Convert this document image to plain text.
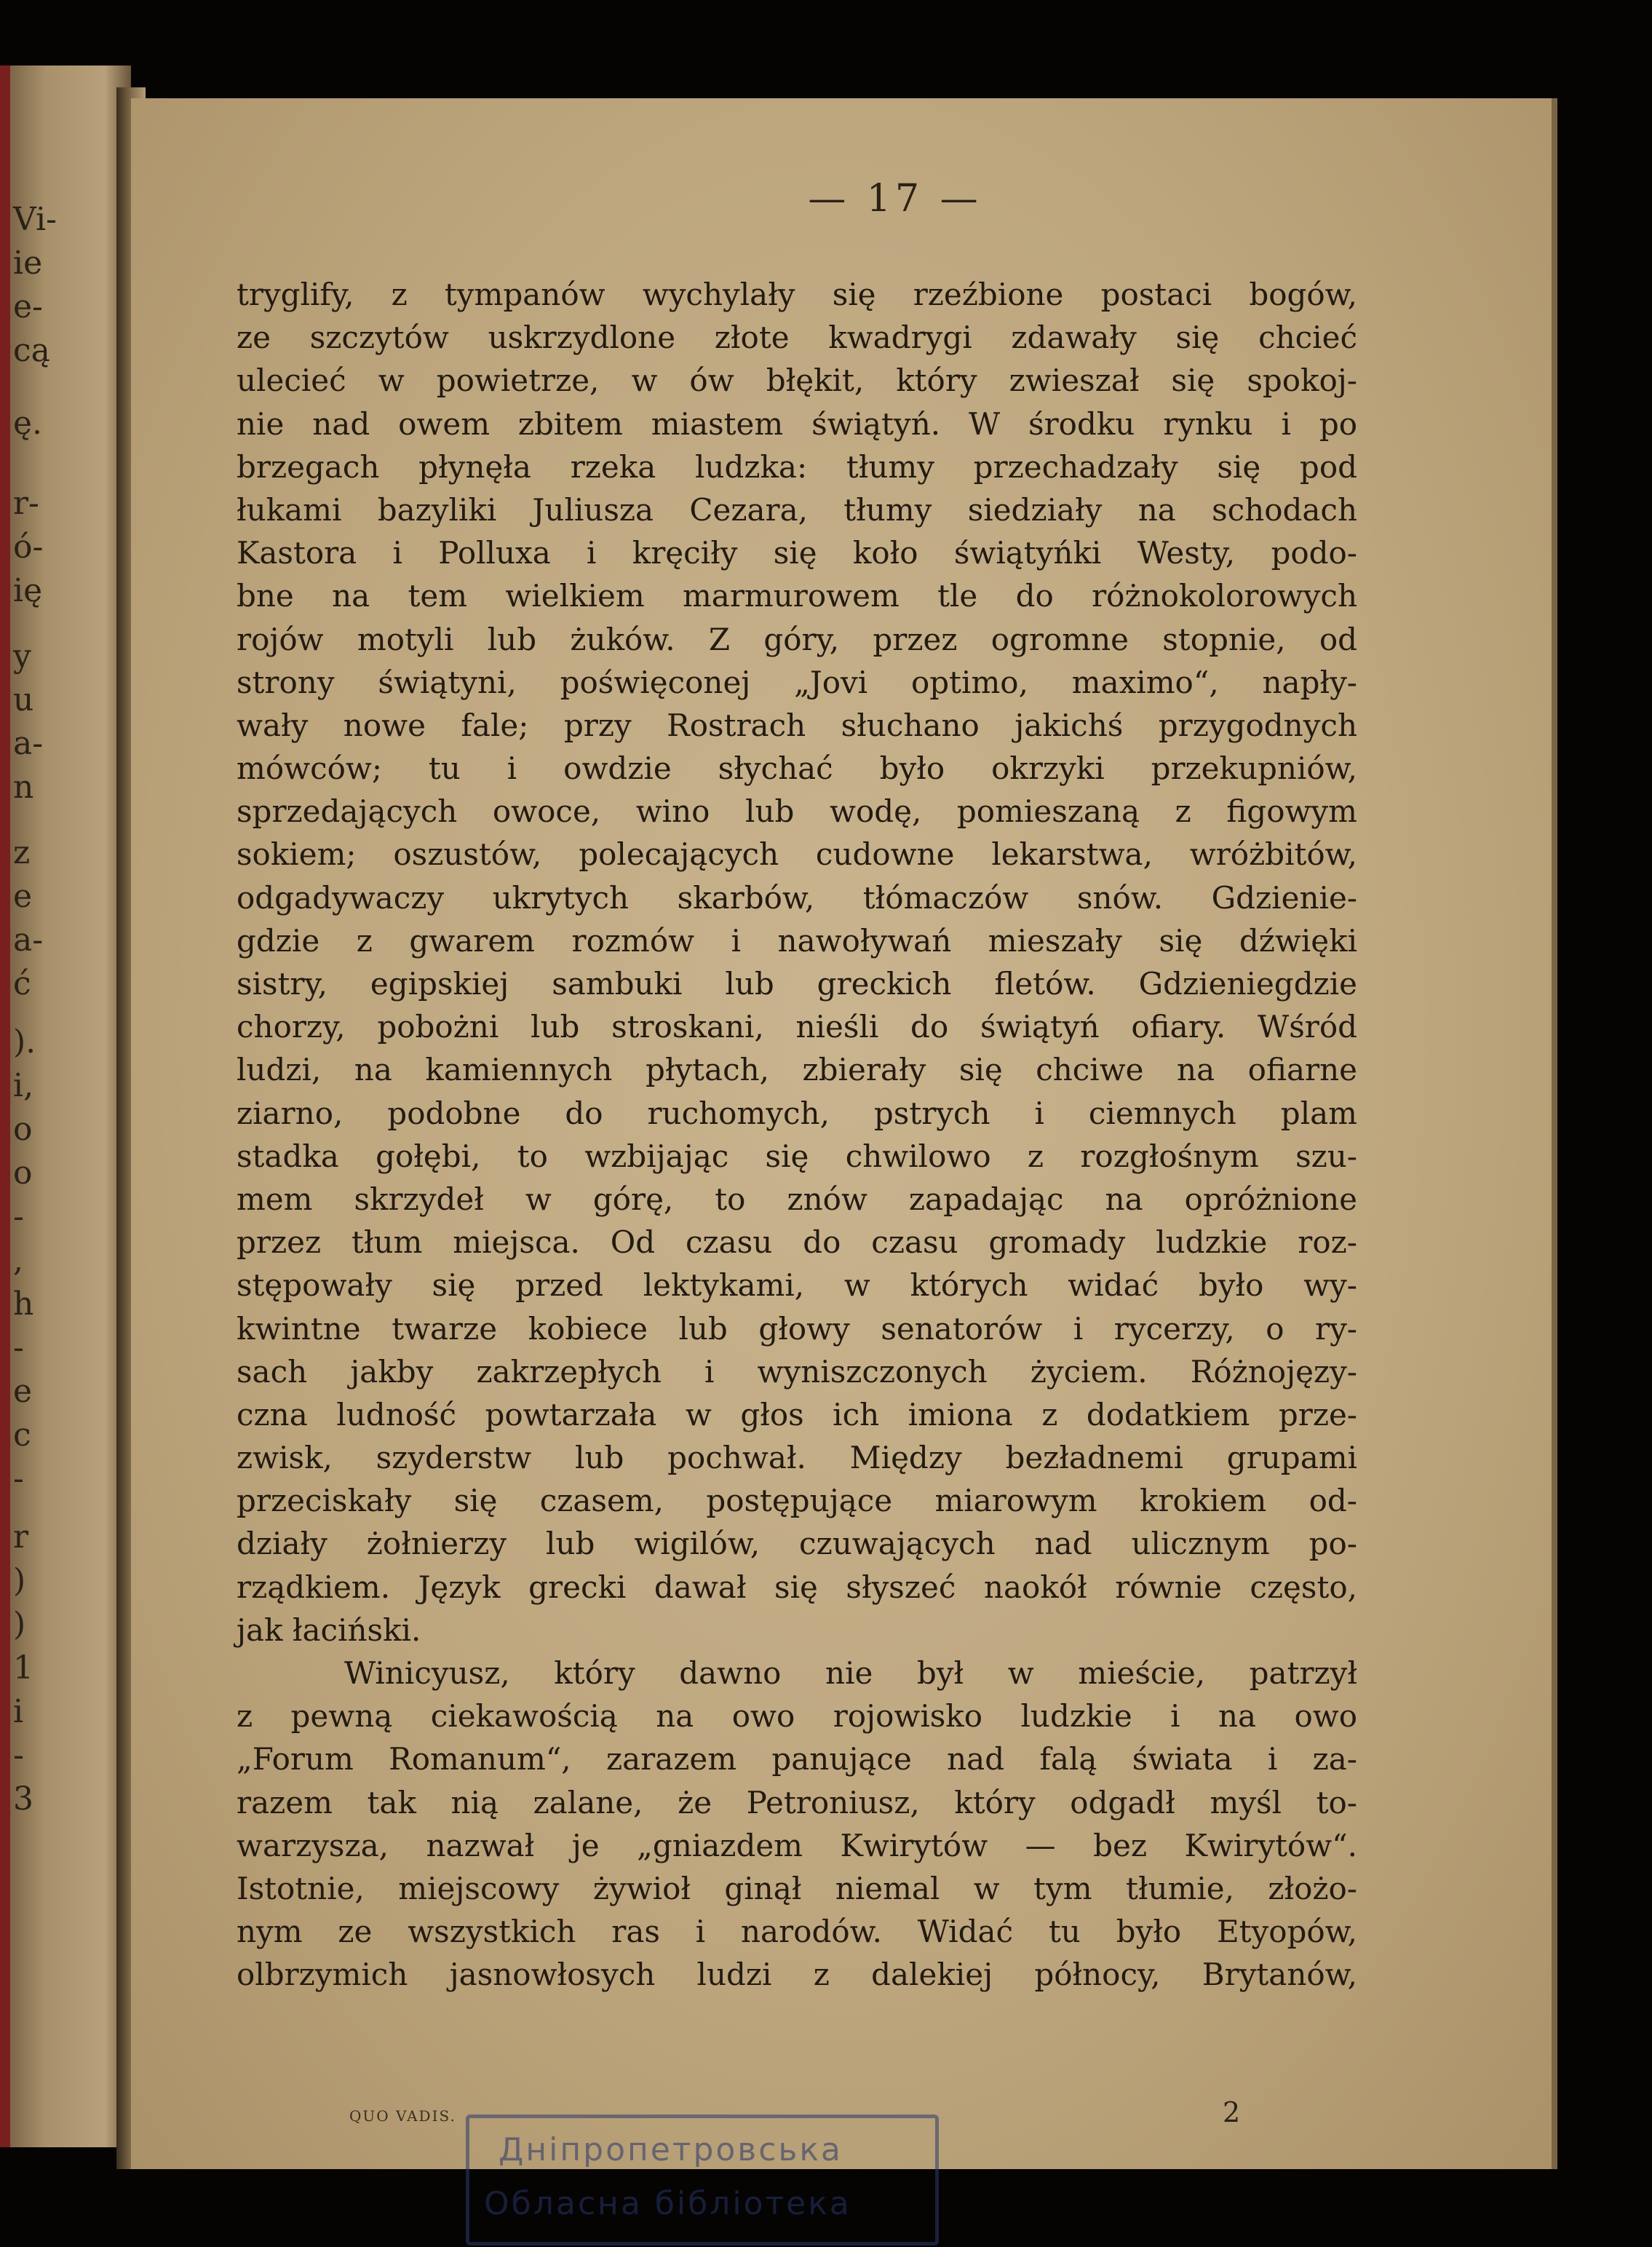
Vi-
ie
e-
cą
ę.
r-
ó-
ię
y
u
a-
n
z
e
a-
ć
).
i,
o
o
-
,
h
-
e
c
-
r
)
)
1
i
-
3
— 17 —
tryglify, z tympanów wychylały się rzeźbione postaci bogów,
ze szczytów uskrzydlone złote kwadrygi zdawały się chcieć
ulecieć w powietrze, w ów błękit, który zwieszał się spokoj-
nie nad owem zbitem miastem świątyń. W środku rynku i po
brzegach płynęła rzeka ludzka: tłumy przechadzały się pod
łukami bazyliki Juliusza Cezara, tłumy siedziały na schodach
Kastora i Polluxa i kręciły się koło świątyńki Westy, podo-
bne na tem wielkiem marmurowem tle do różnokolorowych
rojów motyli lub żuków. Z góry, przez ogromne stopnie, od
strony świątyni, poświęconej „Jovi optimo, maximo“, napły-
wały nowe fale; przy Rostrach słuchano jakichś przygodnych
mówców; tu i owdzie słychać było okrzyki przekupniów,
sprzedających owoce, wino lub wodę, pomieszaną z figowym
sokiem; oszustów, polecających cudowne lekarstwa, wróżbitów,
odgadywaczy ukrytych skarbów, tłómaczów snów. Gdzienie-
gdzie z gwarem rozmów i nawoływań mieszały się dźwięki
sistry, egipskiej sambuki lub greckich fletów. Gdzieniegdzie
chorzy, pobożni lub stroskani, nieśli do świątyń ofiary. Wśród
ludzi, na kamiennych płytach, zbierały się chciwe na ofiarne
ziarno, podobne do ruchomych, pstrych i ciemnych plam
stadka gołębi, to wzbijając się chwilowo z rozgłośnym szu-
mem skrzydeł w górę, to znów zapadając na opróżnione
przez tłum miejsca. Od czasu do czasu gromady ludzkie roz-
stępowały się przed lektykami, w których widać było wy-
kwintne twarze kobiece lub głowy senatorów i rycerzy, o ry-
sach jakby zakrzepłych i wyniszczonych życiem. Różnojęzy-
czna ludność powtarzała w głos ich imiona z dodatkiem prze-
zwisk, szyderstw lub pochwał. Między bezładnemi grupami
przeciskały się czasem, postępujące miarowym krokiem od-
działy żołnierzy lub wigilów, czuwających nad ulicznym po-
rządkiem. Język grecki dawał się słyszeć naokół równie często,
jak łaciński.
Winicyusz, który dawno nie był w mieście, patrzył
z pewną ciekawością na owo rojowisko ludzkie i na owo
„Forum Romanum“, zarazem panujące nad falą świata i za-
razem tak nią zalane, że Petroniusz, który odgadł myśl to-
warzysza, nazwał je „gniazdem Kwirytów — bez Kwirytów“.
Istotnie, miejscowy żywioł ginął niemal w tym tłumie, złożo-
nym ze wszystkich ras i narodów. Widać tu było Etyopów,
olbrzymich jasnowłosych ludzi z dalekiej północy, Brytanów,
QUO VADIS.	2
Дніпропетровська
Обласна бібліотека
